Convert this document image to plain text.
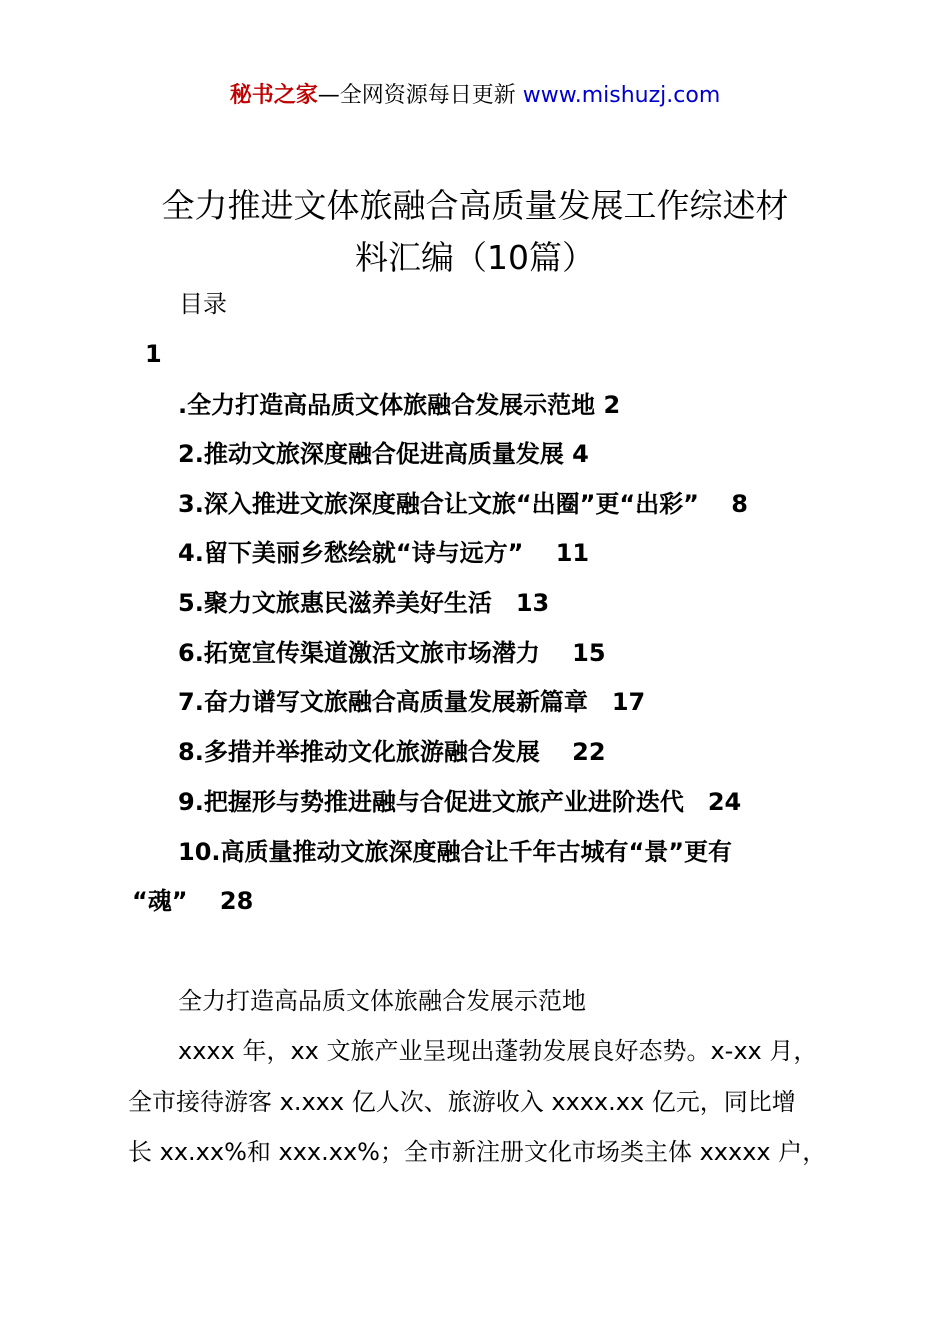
秘书之家—全网资源每日更新 www.mishuzj.com
全力推进文体旅融合高质量发展工作综述材
料汇编（10篇）
目录
1
.全力打造高品质文体旅融合发展示范地 2
2.推动文旅深度融合促进高质量发展 4
3.深入推进文旅深度融合让文旅“出圈”更“出彩”　 8
4.留下美丽乡愁绘就“诗与远方”　 11
5.聚力文旅惠民滋养美好生活　13
6.拓宽宣传渠道激活文旅市场潜力　 15
7.奋力谱写文旅融合高质量发展新篇章　17
8.多措并举推动文化旅游融合发展　 22
9.把握形与势推进融与合促进文旅产业进阶迭代　24
10.高质量推动文旅深度融合让千年古城有“景”更有
“魂”　 28
全力打造高品质文体旅融合发展示范地
xxxx 年，xx 文旅产业呈现出蓬勃发展良好态势。x-xx 月，
全市接待游客 x.xxx 亿人次、旅游收入 xxxx.xx 亿元，同比增
长 xx.xx%和 xxx.xx%；全市新注册文化市场类主体 xxxxx 户，
